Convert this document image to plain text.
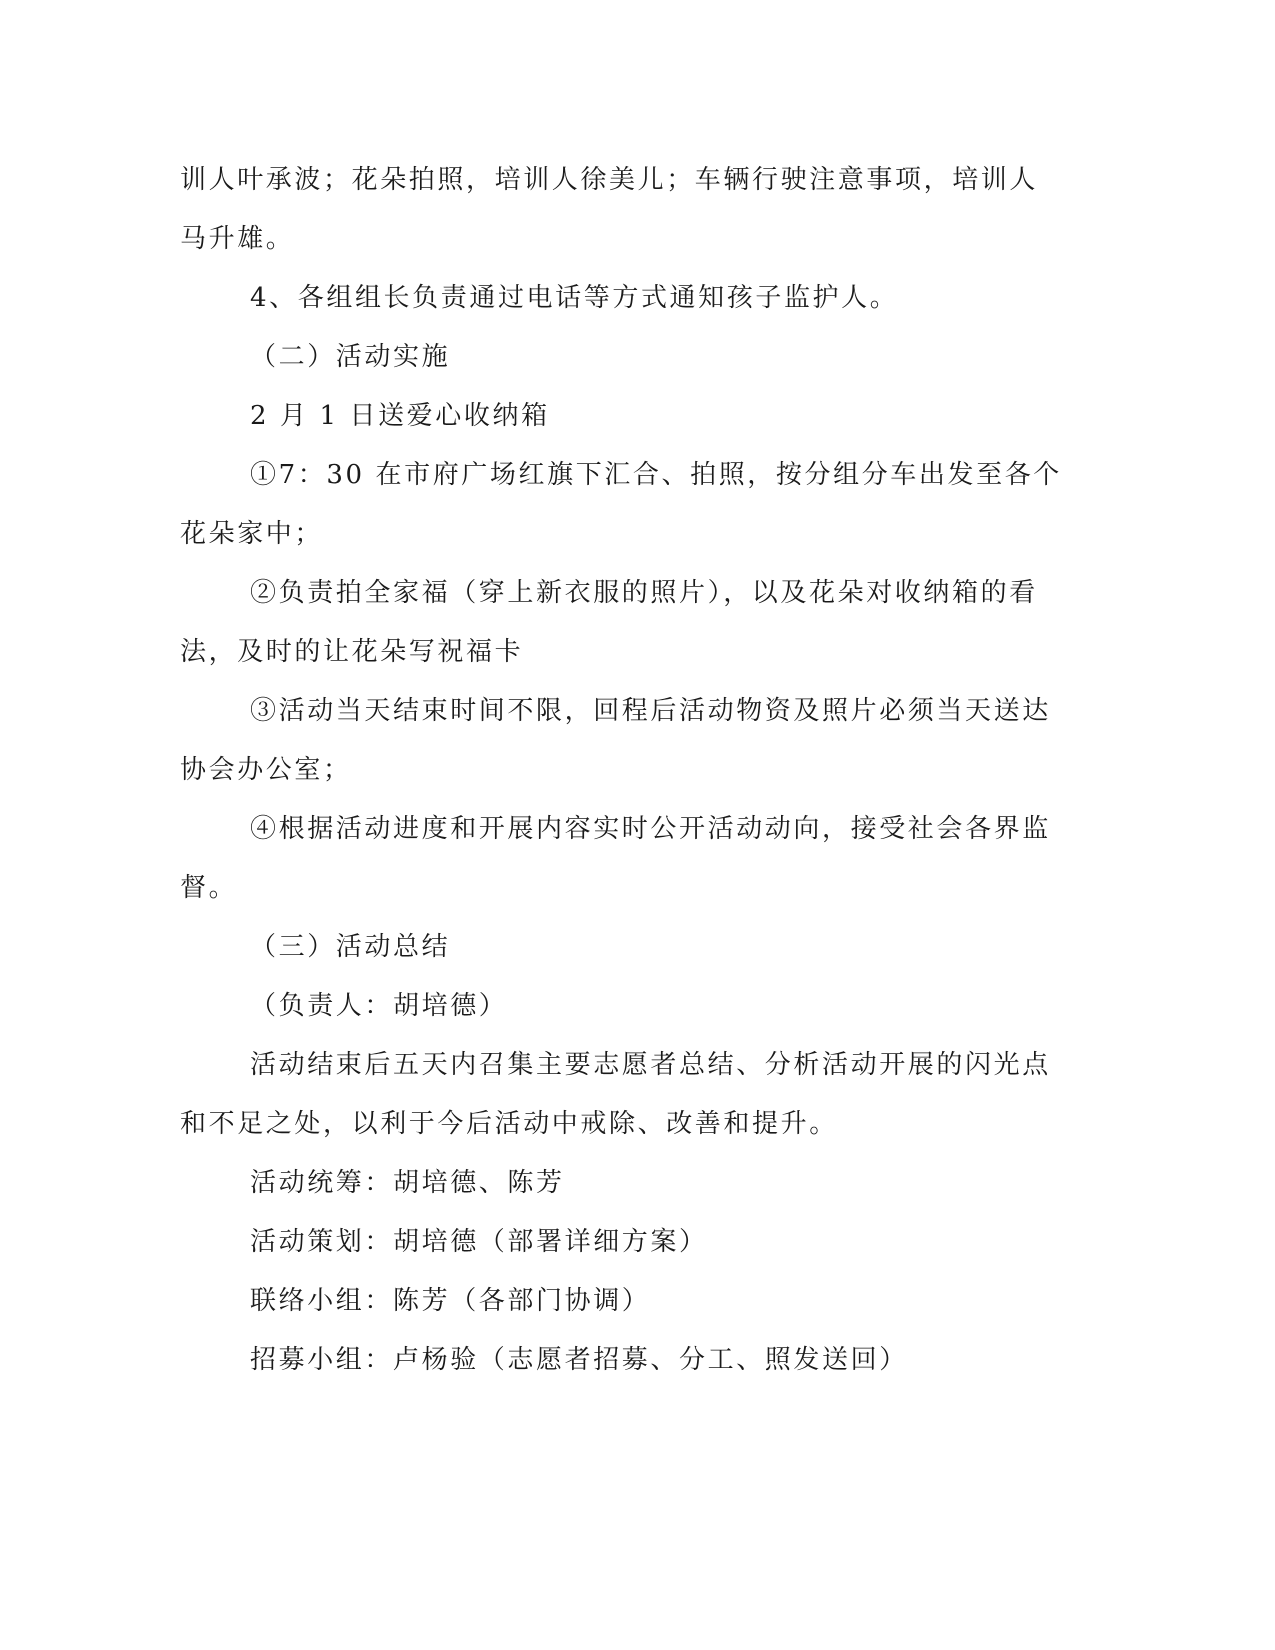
训人叶承波；花朵拍照，培训人徐美儿；车辆行驶注意事项，培训人
马升雄。
4、各组组长负责通过电话等方式通知孩子监护人。
（二）活动实施
2 月 1 日送爱心收纳箱
①7：30 在市府广场红旗下汇合、拍照，按分组分车出发至各个
花朵家中；
②负责拍全家福（穿上新衣服的照片），以及花朵对收纳箱的看
法，及时的让花朵写祝福卡
③活动当天结束时间不限，回程后活动物资及照片必须当天送达
协会办公室；
④根据活动进度和开展内容实时公开活动动向，接受社会各界监
督。
（三）活动总结
（负责人：胡培德）
活动结束后五天内召集主要志愿者总结、分析活动开展的闪光点
和不足之处，以利于今后活动中戒除、改善和提升。
活动统筹：胡培德、陈芳
活动策划：胡培德（部署详细方案）
联络小组：陈芳（各部门协调）
招募小组：卢杨验（志愿者招募、分工、照发送回）
